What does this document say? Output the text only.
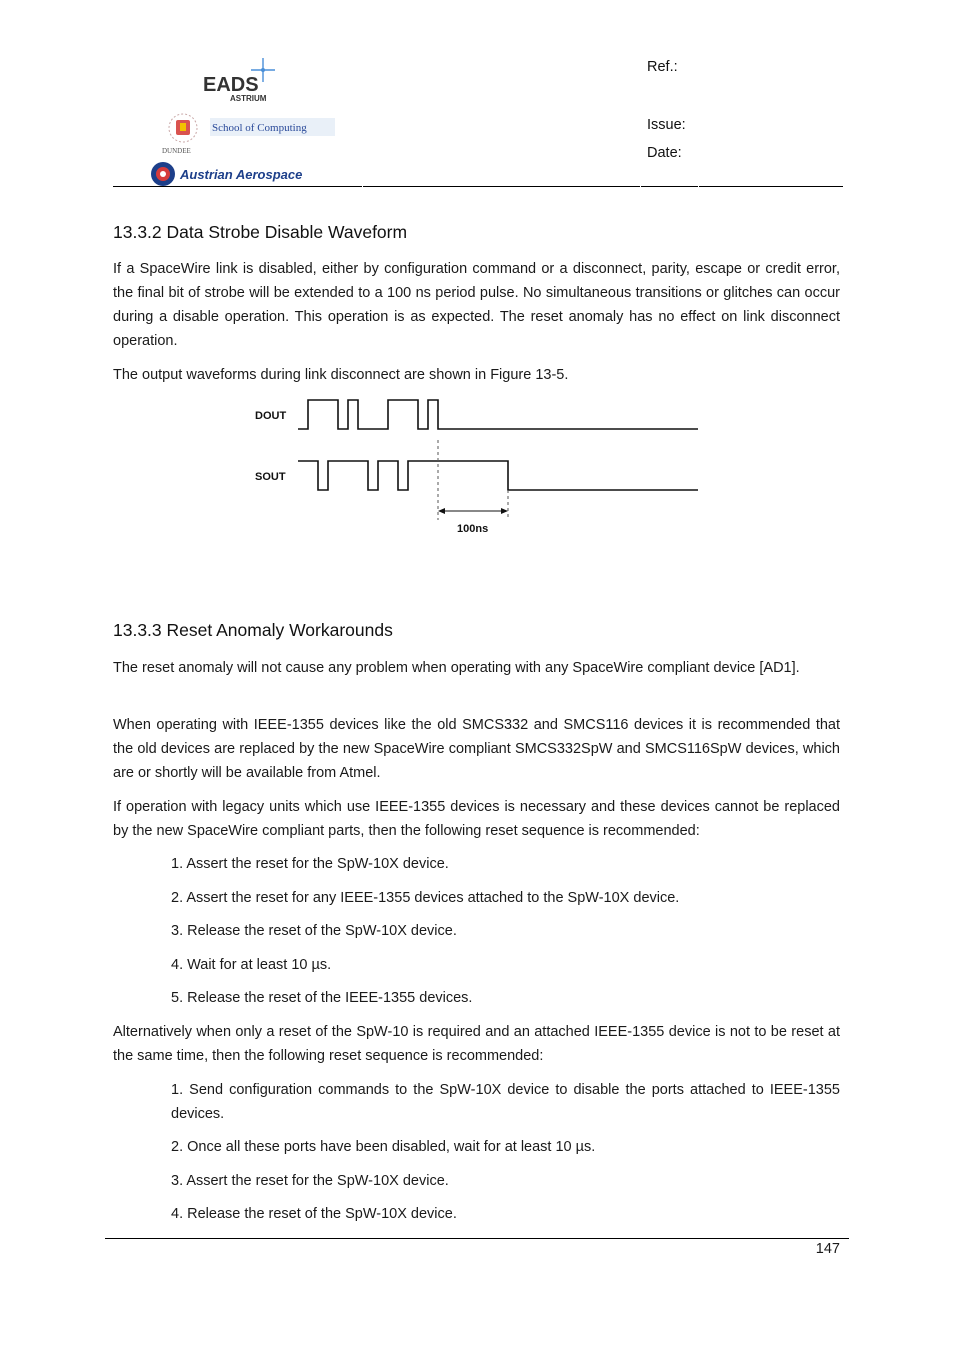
EADS
ASTRIUM
DUNDEE
School of Computing
Austrian Aerospace
Ref.:
Issue:
Date:
13.3.2 Data Strobe Disable Waveform
If a SpaceWire link is disabled, either by configuration command or a disconnect, parity, escape or credit error, the final bit of strobe will be extended to a 100 ns period pulse. No simultaneous transitions or glitches can occur during a disable operation. This operation is as expected. The reset anomaly has no effect on link disconnect operation.
The output waveforms during link disconnect are shown in Figure 13-5.
DOUT
SOUT
100ns
13.3.3 Reset Anomaly Workarounds
The reset anomaly will not cause any problem when operating with any SpaceWire compliant device [AD1].
When operating with IEEE-1355 devices like the old SMCS332 and SMCS116 devices it is recommended that the old devices are replaced by the new SpaceWire compliant SMCS332SpW and SMCS116SpW devices, which are or shortly will be available from Atmel.
If operation with legacy units which use IEEE-1355 devices is necessary and these devices cannot be replaced by the new SpaceWire compliant parts, then the following reset sequence is recommended:
1. Assert the reset for the SpW-10X device.
2. Assert the reset for any IEEE-1355 devices attached to the SpW-10X device.
3. Release the reset of the SpW-10X device.
4. Wait for at least 10 µs.
5. Release the reset of the IEEE-1355 devices.
Alternatively when only a reset of the SpW-10 is required and an attached IEEE-1355 device is not to be reset at the same time, then the following reset sequence is recommended:
1. Send configuration commands to the SpW-10X device to disable the ports attached to IEEE-1355 devices.
2. Once all these ports have been disabled, wait for at least 10 µs.
3. Assert the reset for the SpW-10X device.
4. Release the reset of the SpW-10X device.
147
